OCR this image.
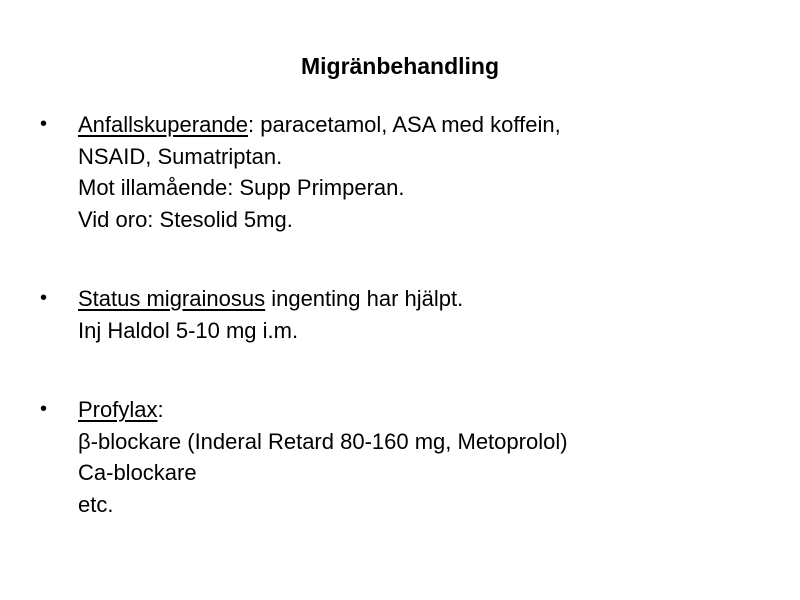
Migränbehandling
• Anfallskuperande: paracetamol, ASA med koffein,
NSAID, Sumatriptan.
Mot illamående: Supp Primperan.
Vid oro: Stesolid 5mg.
• Status migrainosus ingenting har hjälpt.
Inj Haldol 5-10 mg i.m.
• Profylax:
β-blockare (Inderal Retard 80-160 mg, Metoprolol)
Ca-blockare
etc.
